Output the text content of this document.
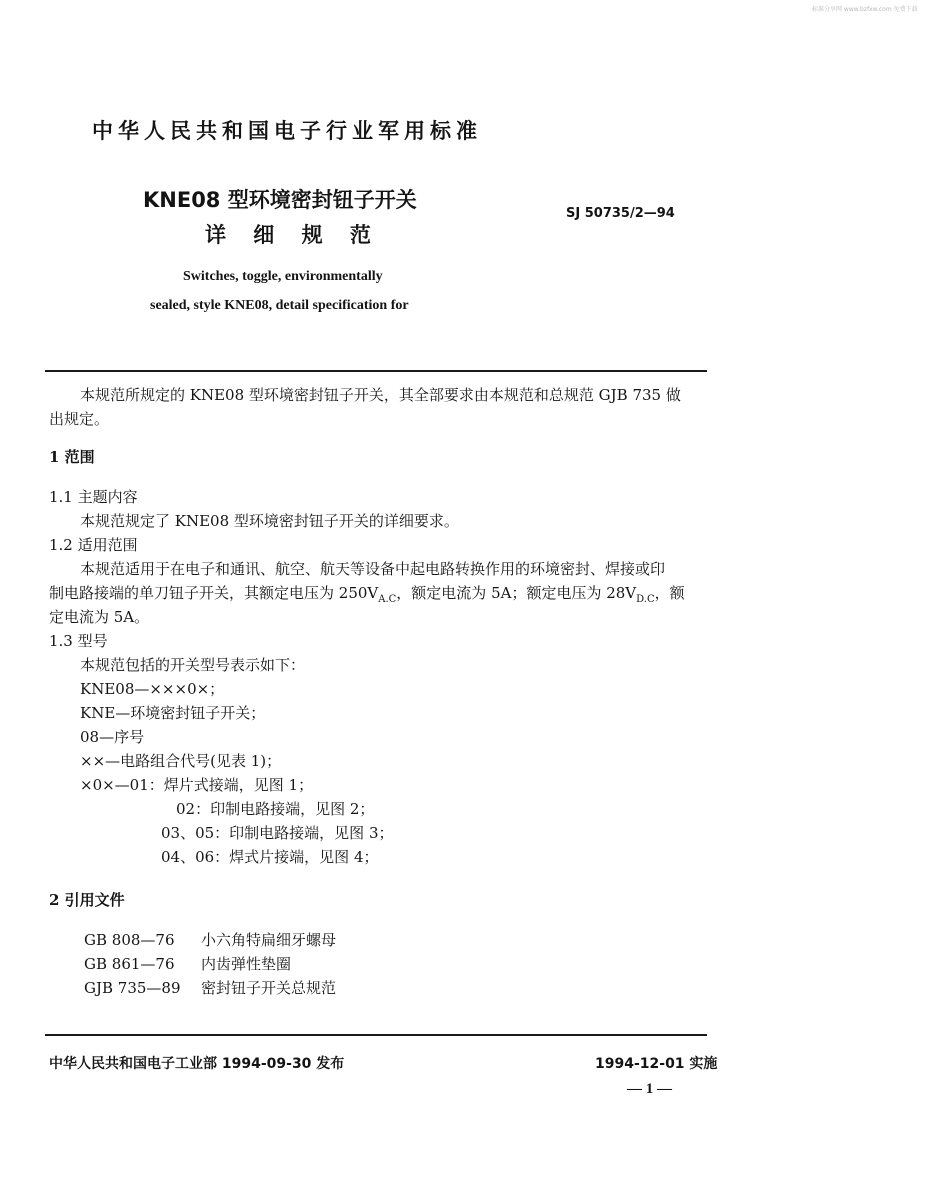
标准分享网 www.bzfxw.com 免费下载
中华人民共和国电子行业军用标准
KNE08 型环境密封钮子开关
详 细 规 范
SJ 50735/2—94
Switches, toggle, environmentally
sealed, style KNE08, detail specification for
本规范所规定的 KNE08 型环境密封钮子开关，其全部要求由本规范和总规范 GJB 735 做
出规定。
1 范围
1.1 主题内容
本规范规定了 KNE08 型环境密封钮子开关的详细要求。
1.2 适用范围
本规范适用于在电子和通讯、航空、航天等设备中起电路转换作用的环境密封、焊接或印
制电路接端的单刀钮子开关，其额定电压为 $250V_{A.C}$，额定电流为 5A；额定电压为 $28V_{D.C}$，额
定电流为 5A。
1.3 型号
本规范包括的开关型号表示如下：
KNE08—×××0×；
KNE—环境密封钮子开关；
08—序号
××—电路组合代号(见表 1)；
×0×—01：焊片式接端，见图 1；
02：印制电路接端，见图 2；
03、05：印制电路接端，见图 3；
04、06：焊式片接端，见图 4；
2 引用文件
GB 808—76 小六角特扁细牙螺母
GB 861—76 内齿弹性垫圈
GJB 735—89 密封钮子开关总规范
中华人民共和国电子工业部 1994-09-30 发布	1994-12-01 实施
— 1 —
